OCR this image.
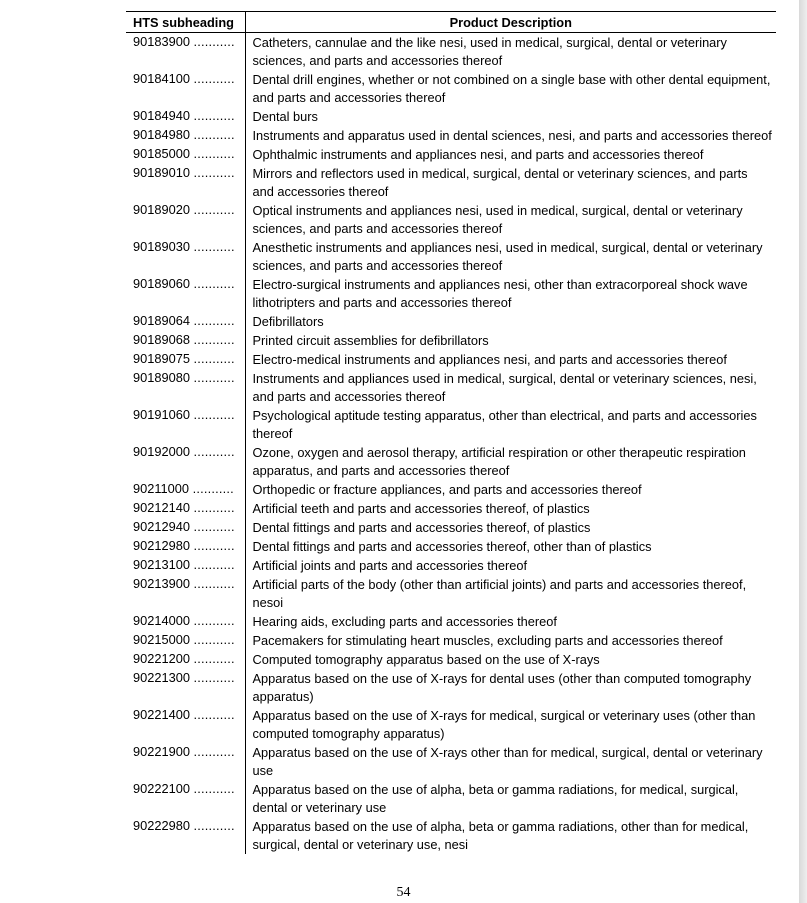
HTS subheading	Product Description
90183900 ...........	Catheters, cannulae and the like nesi, used in medical, surgical, dental or veterinary sciences, and parts and accessories thereof
90184100 ...........	Dental drill engines, whether or not combined on a single base with other dental equipment, and parts and accessories thereof
90184940 ...........	Dental burs
90184980 ...........	Instruments and apparatus used in dental sciences, nesi, and parts and accessories thereof
90185000 ...........	Ophthalmic instruments and appliances nesi, and parts and accessories thereof
90189010 ...........	Mirrors and reflectors used in medical, surgical, dental or veterinary sciences, and parts and accessories thereof
90189020 ...........	Optical instruments and appliances nesi, used in medical, surgical, dental or veterinary sciences, and parts and accessories thereof
90189030 ...........	Anesthetic instruments and appliances nesi, used in medical, surgical, dental or veterinary sciences, and parts and accessories thereof
90189060 ...........	Electro-surgical instruments and appliances nesi, other than extracorporeal shock wave lithotripters and parts and accessories thereof
90189064 ...........	Defibrillators
90189068 ...........	Printed circuit assemblies for defibrillators
90189075 ...........	Electro-medical instruments and appliances nesi, and parts and accessories thereof
90189080 ...........	Instruments and appliances used in medical, surgical, dental or veterinary sciences, nesi, and parts and accessories thereof
90191060 ...........	Psychological aptitude testing apparatus, other than electrical, and parts and accessories thereof
90192000 ...........	Ozone, oxygen and aerosol therapy, artificial respiration or other therapeutic respiration apparatus, and parts and accessories thereof
90211000 ...........	Orthopedic or fracture appliances, and parts and accessories thereof
90212140 ...........	Artificial teeth and parts and accessories thereof, of plastics
90212940 ...........	Dental fittings and parts and accessories thereof, of plastics
90212980 ...........	Dental fittings and parts and accessories thereof, other than of plastics
90213100 ...........	Artificial joints and parts and accessories thereof
90213900 ...........	Artificial parts of the body (other than artificial joints) and parts and accessories thereof, nesoi
90214000 ...........	Hearing aids, excluding parts and accessories thereof
90215000 ...........	Pacemakers for stimulating heart muscles, excluding parts and accessories thereof
90221200 ...........	Computed tomography apparatus based on the use of X-rays
90221300 ...........	Apparatus based on the use of X-rays for dental uses (other than computed tomography apparatus)
90221400 ...........	Apparatus based on the use of X-rays for medical, surgical or veterinary uses (other than computed tomography apparatus)
90221900 ...........	Apparatus based on the use of X-rays other than for medical, surgical, dental or veterinary use
90222100 ...........	Apparatus based on the use of alpha, beta or gamma radiations, for medical, surgical, dental or veterinary use
90222980 ...........	Apparatus based on the use of alpha, beta or gamma radiations, other than for medical, surgical, dental or veterinary use, nesi
54
